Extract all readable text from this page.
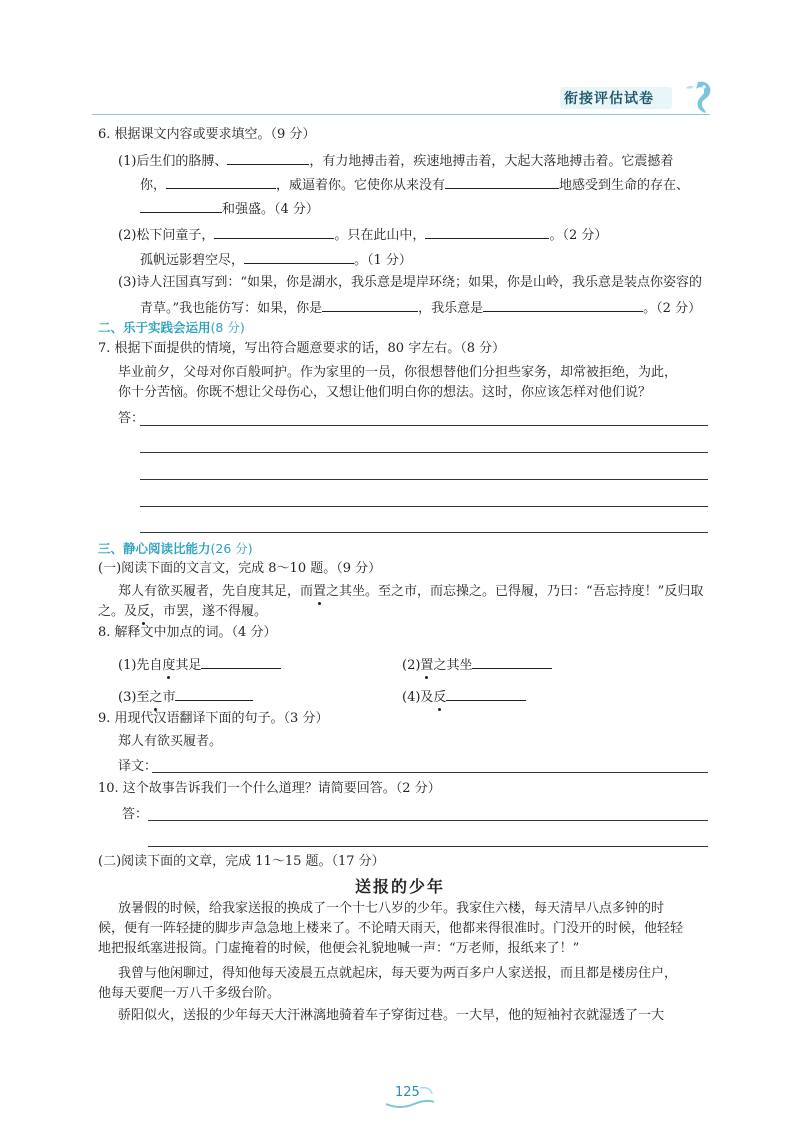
衔接评估试卷
6. 根据课文内容或要求填空。（9 分）
(1)后生们的胳膊、	，有力地搏击着，疾速地搏击着，大起大落地搏击着。它震撼着
你，	，威逼着你。它使你从来没有	地感受到生命的存在、
和强盛。（4 分）
(2)松下问童子，	。只在此山中，	。（2 分）
孤帆远影碧空尽，	。（1 分）
(3)诗人汪国真写到：“如果，你是湖水，我乐意是堤岸环绕；如果，你是山岭，我乐意是装点你姿容的
青草。”我也能仿写：如果，你是	，我乐意是	。（2 分）
二、乐于实践会运用(8 分)
7. 根据下面提供的情境，写出符合题意要求的话，80 字左右。（8 分）
毕业前夕，父母对你百般呵护。作为家里的一员，你很想替他们分担些家务，却常被拒绝，为此，
你十分苦恼。你既不想让父母伤心，又想让他们明白你的想法。这时，你应该怎样对他们说？
答：
三、静心阅读比能力(26 分)
(一)阅读下面的文言文，完成 8～10 题。（9 分）
郑人有欲买履者，先自度其足，而置之其坐。至之市，而忘操之。已得履，乃曰：“吾忘持度！”反归取
之。及反，市罢，遂不得履。
8. 解释文中加点的词。（4 分）
(1)先自度其足	(2)置之其坐
(3)至之市	(4)及反
9. 用现代汉语翻译下面的句子。（3 分）
郑人有欲买履者。
译文：
10. 这个故事告诉我们一个什么道理？请简要回答。（2 分）
答：
(二)阅读下面的文章，完成 11～15 题。（17 分）
送报的少年
放暑假的时候，给我家送报的换成了一个十七八岁的少年。我家住六楼，每天清早八点多钟的时
候，便有一阵轻捷的脚步声急急地上楼来了。不论晴天雨天，他都来得很准时。门没开的时候，他轻轻
地把报纸塞进报筒。门虚掩着的时候，他便会礼貌地喊一声：“万老师，报纸来了！”
我曾与他闲聊过，得知他每天凌晨五点就起床，每天要为两百多户人家送报，而且都是楼房住户，
他每天要爬一万八千多级台阶。
骄阳似火，送报的少年每天大汗淋漓地骑着车子穿街过巷。一大早，他的短袖衬衣就湿透了一大
125
